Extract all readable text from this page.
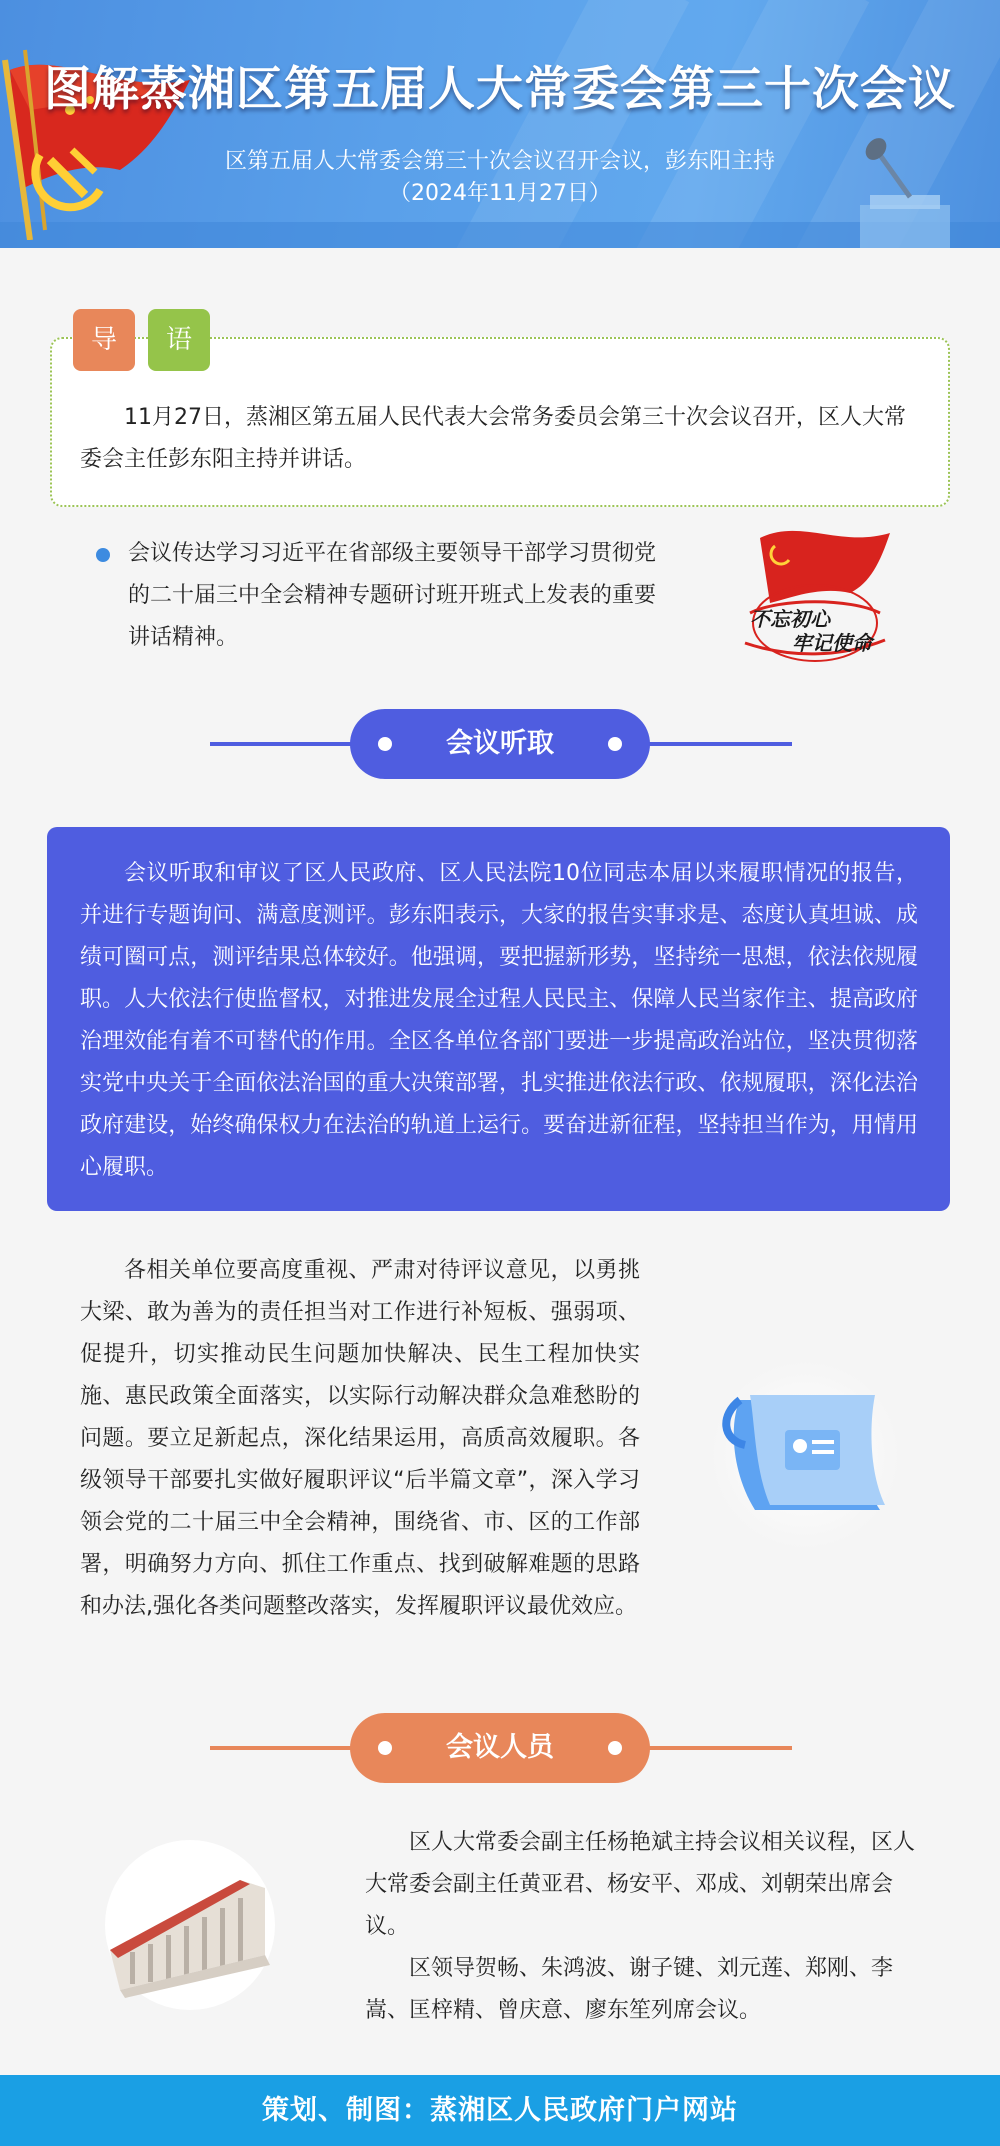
图解蒸湘区第五届人大常委会第三十次会议
区第五届人大常委会第三十次会议召开会议，彭东阳主持
（2024年11月27日）
11月27日，蒸湘区第五届人民代表大会常务委员会第三十次会议召开，区人大常委会主任彭东阳主持并讲话。
导	语
会议传达学习习近平在省部级主要领导干部学习贯彻党的二十届三中全会精神专题研讨班开班式上发表的重要讲话精神。
不忘初心
牢记使命
会议听取
会议听取和审议了区人民政府、区人民法院10位同志本届以来履职情况的报告，并进行专题询问、满意度测评。彭东阳表示，大家的报告实事求是、态度认真坦诚、成绩可圈可点，测评结果总体较好。他强调，要把握新形势，坚持统一思想，依法依规履职。人大依法行使监督权，对推进发展全过程人民民主、保障人民当家作主、提高政府治理效能有着不可替代的作用。全区各单位各部门要进一步提高政治站位，坚决贯彻落实党中央关于全面依法治国的重大决策部署，扎实推进依法行政、依规履职，深化法治政府建设，始终确保权力在法治的轨道上运行。要奋进新征程，坚持担当作为，用情用心履职。
各相关单位要高度重视、严肃对待评议意见，以勇挑大梁、敢为善为的责任担当对工作进行补短板、强弱项、促提升，切实推动民生问题加快解决、民生工程加快实施、惠民政策全面落实，以实际行动解决群众急难愁盼的问题。要立足新起点，深化结果运用，高质高效履职。各级领导干部要扎实做好履职评议“后半篇文章”，深入学习领会党的二十届三中全会精神，围绕省、市、区的工作部署，明确努力方向、抓住工作重点、找到破解难题的思路和办法,强化各类问题整改落实，发挥履职评议最优效应。
会议人员

区人大常委会副主任杨艳斌主持会议相关议程，区人大常委会副主任黄亚君、杨安平、邓成、刘朝荣出席会议。

区领导贺畅、朱鸿波、谢子键、刘元莲、郑刚、李嵩、匡梓精、曾庆意、廖东笙列席会议。

策划、制图：蒸湘区人民政府门户网站
